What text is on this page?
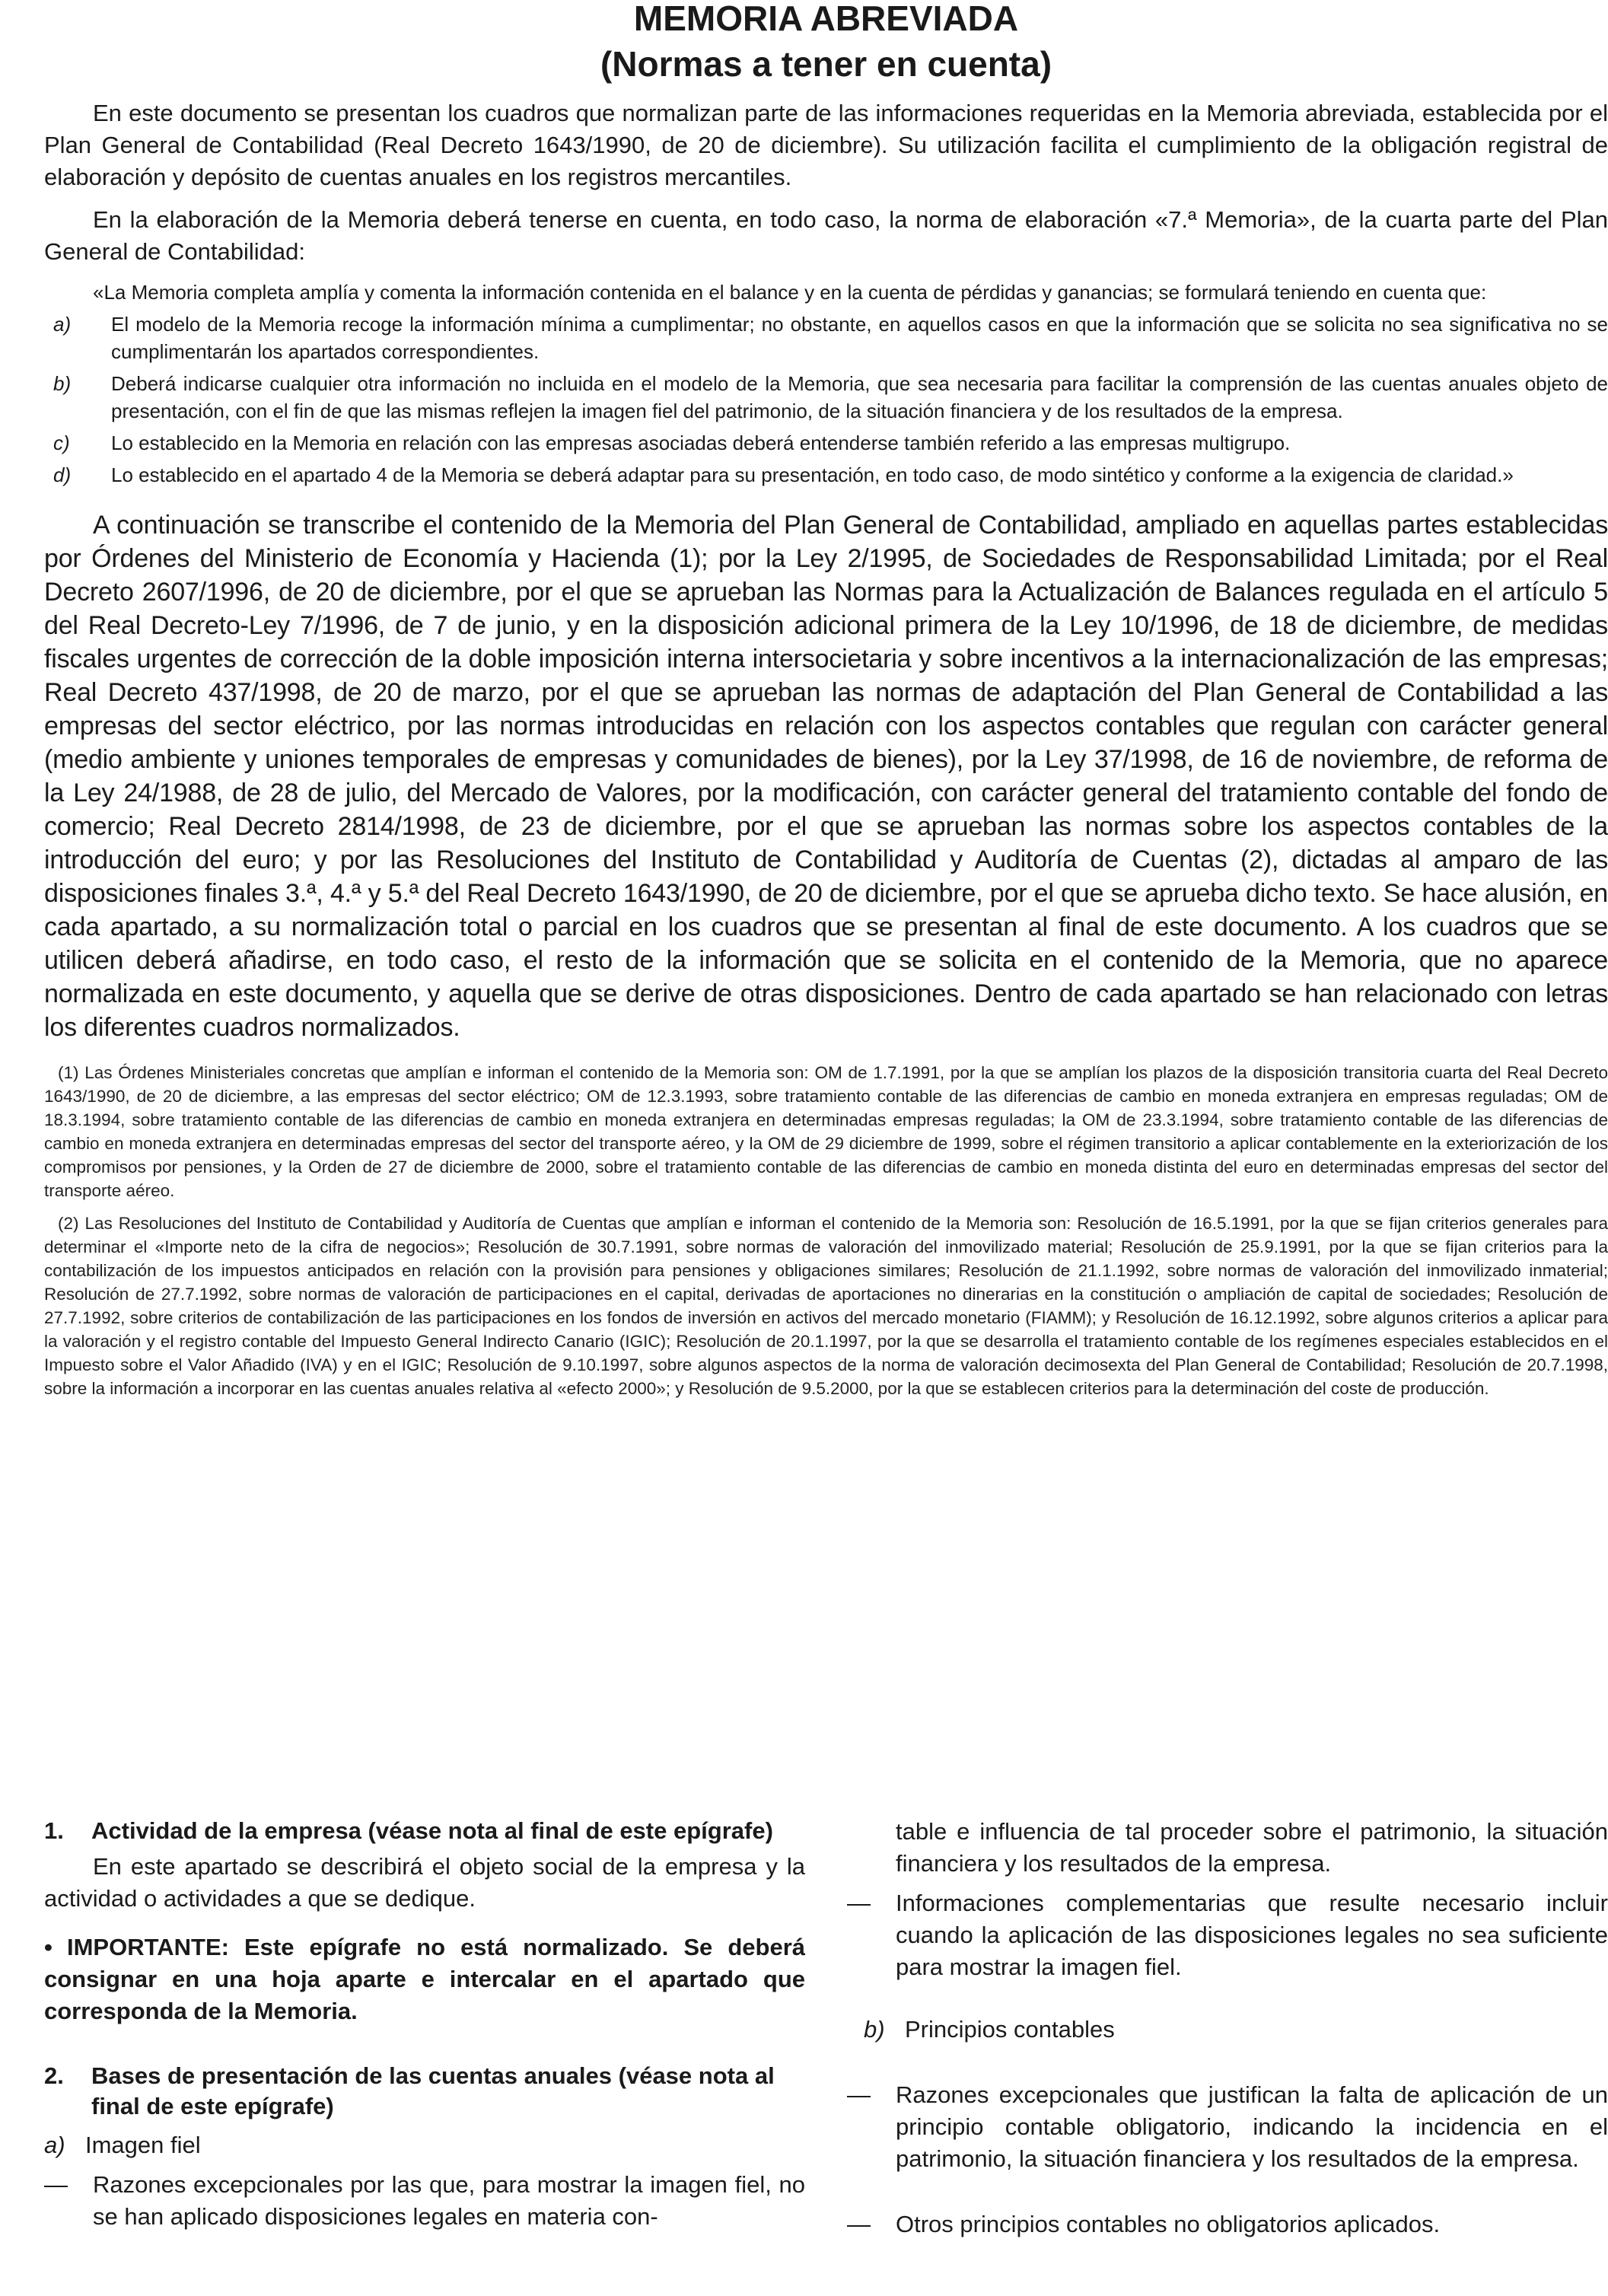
MEMORIA ABREVIADA
(Normas a tener en cuenta)

En este documento se presentan los cuadros que normalizan parte de las informaciones requeridas en la Memoria abreviada, establecida por el Plan General de Contabilidad (Real Decreto 1643/1990, de 20 de diciembre). Su utilización facilita el cumplimiento de la obligación registral de elaboración y depósito de cuentas anuales en los registros mercantiles.

En la elaboración de la Memoria deberá tenerse en cuenta, en todo caso, la norma de elaboración «7.ª Memoria», de la cuarta parte del Plan General de Contabilidad:

«La Memoria completa amplía y comenta la información contenida en el balance y en la cuenta de pérdidas y ganancias; se formulará teniendo en cuenta que:

a)	El modelo de la Memoria recoge la información mínima a cumplimentar; no obstante, en aquellos casos en que la información que se solicita no sea significativa no se cumplimentarán los apartados correspondientes.
b)	Deberá indicarse cualquier otra información no incluida en el modelo de la Memoria, que sea necesaria para facilitar la comprensión de las cuentas anuales objeto de presentación, con el fin de que las mismas reflejen la imagen fiel del patrimonio, de la situación financiera y de los resultados de la empresa.
c)	Lo establecido en la Memoria en relación con las empresas asociadas deberá entenderse también referido a las empresas multigrupo.
d)	Lo establecido en el apartado 4 de la Memoria se deberá adaptar para su presentación, en todo caso, de modo sintético y conforme a la exigencia de claridad.»

A continuación se transcribe el contenido de la Memoria del Plan General de Contabilidad, ampliado en aquellas partes establecidas por Órdenes del Ministerio de Economía y Hacienda (1); por la Ley 2/1995, de Sociedades de Responsabilidad Limitada; por el Real Decreto 2607/1996, de 20 de diciembre, por el que se aprueban las Normas para la Actualización de Balances regulada en el artículo 5 del Real Decreto-Ley 7/1996, de 7 de junio, y en la disposición adicional primera de la Ley 10/1996, de 18 de diciembre, de medidas fiscales urgentes de corrección de la doble imposición interna intersocietaria y sobre incentivos a la internacionalización de las empresas; Real Decreto 437/1998, de 20 de marzo, por el que se aprueban las normas de adaptación del Plan General de Contabilidad a las empresas del sector eléctrico, por las normas introducidas en relación con los aspectos contables que regulan con carácter general (medio ambiente y uniones temporales de empresas y comunidades de bienes), por la Ley 37/1998, de 16 de noviembre, de reforma de la Ley 24/1988, de 28 de julio, del Mercado de Valores, por la modificación, con carácter general del tratamiento contable del fondo de comercio; Real Decreto 2814/1998, de 23 de diciembre, por el que se aprueban las normas sobre los aspectos contables de la introducción del euro; y por las Resoluciones del Instituto de Contabilidad y Auditoría de Cuentas (2), dictadas al amparo de las disposiciones finales 3.ª, 4.ª y 5.ª del Real Decreto 1643/1990, de 20 de diciembre, por el que se aprueba dicho texto. Se hace alusión, en cada apartado, a su normalización total o parcial en los cuadros que se presentan al final de este documento. A los cuadros que se utilicen deberá añadirse, en todo caso, el resto de la información que se solicita en el contenido de la Memoria, que no aparece normalizada en este documento, y aquella que se derive de otras disposiciones. Dentro de cada apartado se han relacionado con letras los diferentes cuadros normalizados.

(1) Las Órdenes Ministeriales concretas que amplían e informan el contenido de la Memoria son: OM de 1.7.1991, por la que se amplían los plazos de la disposición transitoria cuarta del Real Decreto 1643/1990, de 20 de diciembre, a las empresas del sector eléctrico; OM de 12.3.1993, sobre tratamiento contable de las diferencias de cambio en moneda extranjera en empresas reguladas; OM de 18.3.1994, sobre tratamiento contable de las diferencias de cambio en moneda extranjera en determinadas empresas reguladas; la OM de 23.3.1994, sobre tratamiento contable de las diferencias de cambio en moneda extranjera en determinadas empresas del sector del transporte aéreo, y la OM de 29 diciembre de 1999, sobre el régimen transitorio a aplicar contablemente en la exteriorización de los compromisos por pensiones, y la Orden de 27 de diciembre de 2000, sobre el tratamiento contable de las diferencias de cambio en moneda distinta del euro en determinadas empresas del sector del transporte aéreo.

(2) Las Resoluciones del Instituto de Contabilidad y Auditoría de Cuentas que amplían e informan el contenido de la Memoria son: Resolución de 16.5.1991, por la que se fijan criterios generales para determinar el «Importe neto de la cifra de negocios»; Resolución de 30.7.1991, sobre normas de valoración del inmovilizado material; Resolución de 25.9.1991, por la que se fijan criterios para la contabilización de los impuestos anticipados en relación con la provisión para pensiones y obligaciones similares; Resolución de 21.1.1992, sobre normas de valoración del inmovilizado inmaterial; Resolución de 27.7.1992, sobre normas de valoración de participaciones en el capital, derivadas de aportaciones no dinerarias en la constitución o ampliación de capital de sociedades; Resolución de 27.7.1992, sobre criterios de contabilización de las participaciones en los fondos de inversión en activos del mercado monetario (FIAMM); y Resolución de 16.12.1992, sobre algunos criterios a aplicar para la valoración y el registro contable del Impuesto General Indirecto Canario (IGIC); Resolución de 20.1.1997, por la que se desarrolla el tratamiento contable de los regímenes especiales establecidos en el Impuesto sobre el Valor Añadido (IVA) y en el IGIC; Resolución de 9.10.1997, sobre algunos aspectos de la norma de valoración decimosexta del Plan General de Contabilidad; Resolución de 20.7.1998, sobre la información a incorporar en las cuentas anuales relativa al «efecto 2000»; y Resolución de 9.5.2000, por la que se establecen criterios para la determinación del coste de producción.

1.	Actividad de la empresa (véase nota al final de este epígrafe)

En este apartado se describirá el objeto social de la empresa y la actividad o actividades a que se dedique.

• IMPORTANTE: Este epígrafe no está normalizado. Se deberá consignar en una hoja aparte e intercalar en el apartado que corresponda de la Memoria.

2.	Bases de presentación de las cuentas anuales (véase nota al final de este epígrafe)

a) Imagen fiel

—	Razones excepcionales por las que, para mostrar la imagen fiel, no se han aplicado disposiciones legales en materia con-

table e influencia de tal proceder sobre el patrimonio, la situación financiera y los resultados de la empresa.

—	Informaciones complementarias que resulte necesario incluir cuando la aplicación de las disposiciones legales no sea suficiente para mostrar la imagen fiel.

b) Principios contables

—	Razones excepcionales que justifican la falta de aplicación de un principio contable obligatorio, indicando la incidencia en el patrimonio, la situación financiera y los resultados de la empresa.
—	Otros principios contables no obligatorios aplicados.
